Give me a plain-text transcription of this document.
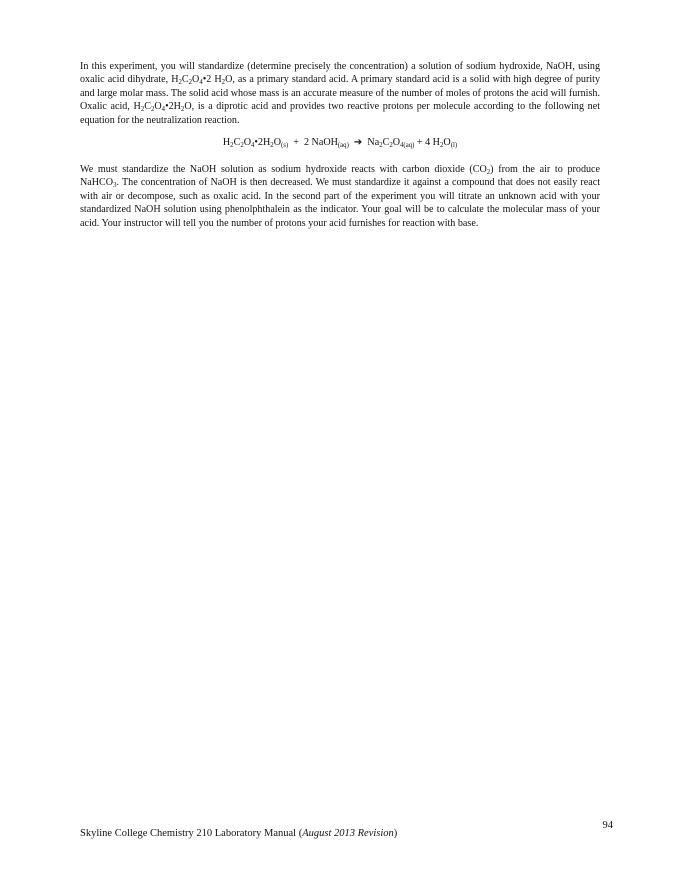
In this experiment, you will standardize (determine precisely the concentration) a solution of sodium hydroxide, NaOH, using oxalic acid dihydrate, $H_2C_2O_4•2$ $H_2O$, as a primary standard acid. A primary standard acid is a solid with high degree of purity and large molar mass. The solid acid whose mass is an accurate measure of the number of moles of protons the acid will furnish. Oxalic acid, $H_2C_2O_4•2H_2O$, is a diprotic acid and provides two reactive protons per molecule according to the following net equation for the neutralization reaction.

$H_2C_2O_4•2H_2O_{(s)} + 2$ NaOH$_{(aq)}$  ➔  $Na_2C_2O_{4(aq)} + 4$ $H_2O_{(l)}$

We must standardize the NaOH solution as sodium hydroxide reacts with carbon dioxide $(CO_2)$ from the air to produce NaHCO$_3$. The concentration of NaOH is then decreased. We must standardize it against a compound that does not easily react with air or decompose, such as oxalic acid. In the second part of the experiment you will titrate an unknown acid with your standardized NaOH solution using phenolphthalein as the indicator. Your goal will be to calculate the molecular mass of your acid. Your instructor will tell you the number of protons your acid furnishes for reaction with base.

Skyline College Chemistry 210 Laboratory Manual (August 2013 Revision)
94
